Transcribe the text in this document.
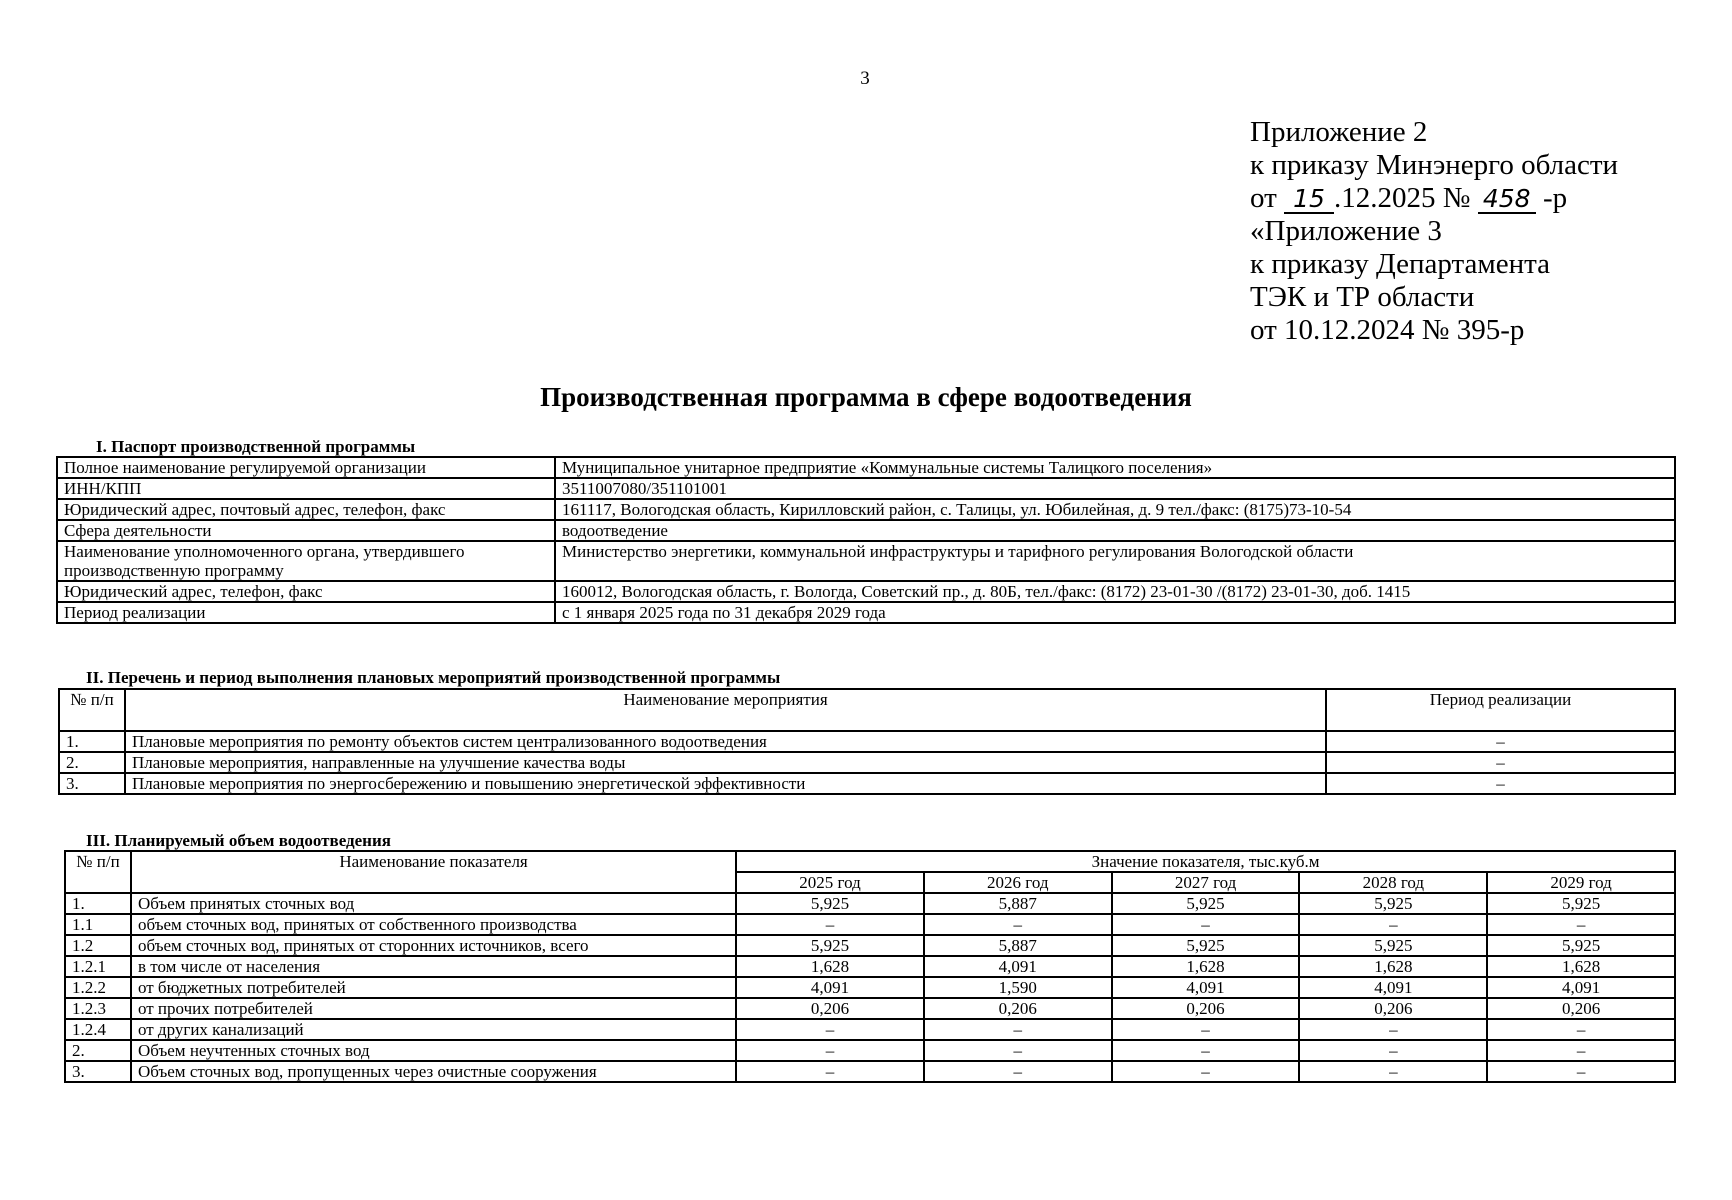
3
Приложение 2
к приказу Минэнерго области
от 15 .12.2025 № 458 -р
«Приложение 3
к приказу Департамента
ТЭК и ТР области
от 10.12.2024 № 395-р
Производственная программа в сфере водоотведения
I. Паспорт производственной программы
Полное наименование регулируемой организации	Муниципальное унитарное предприятие «Коммунальные системы Талицкого поселения»
ИНН/КПП	3511007080/351101001
Юридический адрес, почтовый адрес, телефон, факс	161117, Вологодская область, Кирилловский район, с. Талицы, ул. Юбилейная, д. 9 тел./факс: (8175)73-10-54
Сфера деятельности	водоотведение
Наименование уполномоченного органа, утвердившего производственную программу	Министерство энергетики, коммунальной инфраструктуры и тарифного регулирования Вологодской области
Юридический адрес, телефон, факс	160012, Вологодская область, г. Вологда, Советский пр., д. 80Б, тел./факс: (8172) 23-01-30 /(8172) 23-01-30, доб. 1415
Период реализации	с 1 января 2025 года по 31 декабря 2029 года
II. Перечень и период выполнения плановых мероприятий производственной программы
№ п/п	Наименование мероприятия	Период реализации
1.	Плановые мероприятия по ремонту объектов систем централизованного водоотведения	–
2.	Плановые мероприятия, направленные на улучшение качества воды	–
3.	Плановые мероприятия по энергосбережению и повышению энергетической эффективности	–
III. Планируемый объем водоотведения
№ п/п	Наименование показателя	Значение показателя, тыс.куб.м				
		2025 год	2026 год	2027 год	2028 год	2029 год
1.	Объем принятых сточных вод	5,925	5,887	5,925	5,925	5,925
1.1	объем сточных вод, принятых от собственного производства	–	–	–	–	–
1.2	объем сточных вод, принятых от сторонних источников, всего	5,925	5,887	5,925	5,925	5,925
1.2.1	в том числе от населения	1,628	4,091	1,628	1,628	1,628
1.2.2	от бюджетных потребителей	4,091	1,590	4,091	4,091	4,091
1.2.3	от прочих потребителей	0,206	0,206	0,206	0,206	0,206
1.2.4	от других канализаций	–	–	–	–	–
2.	Объем неучтенных сточных вод	–	–	–	–	–
3.	Объем сточных вод, пропущенных через очистные сооружения	–	–	–	–	–
